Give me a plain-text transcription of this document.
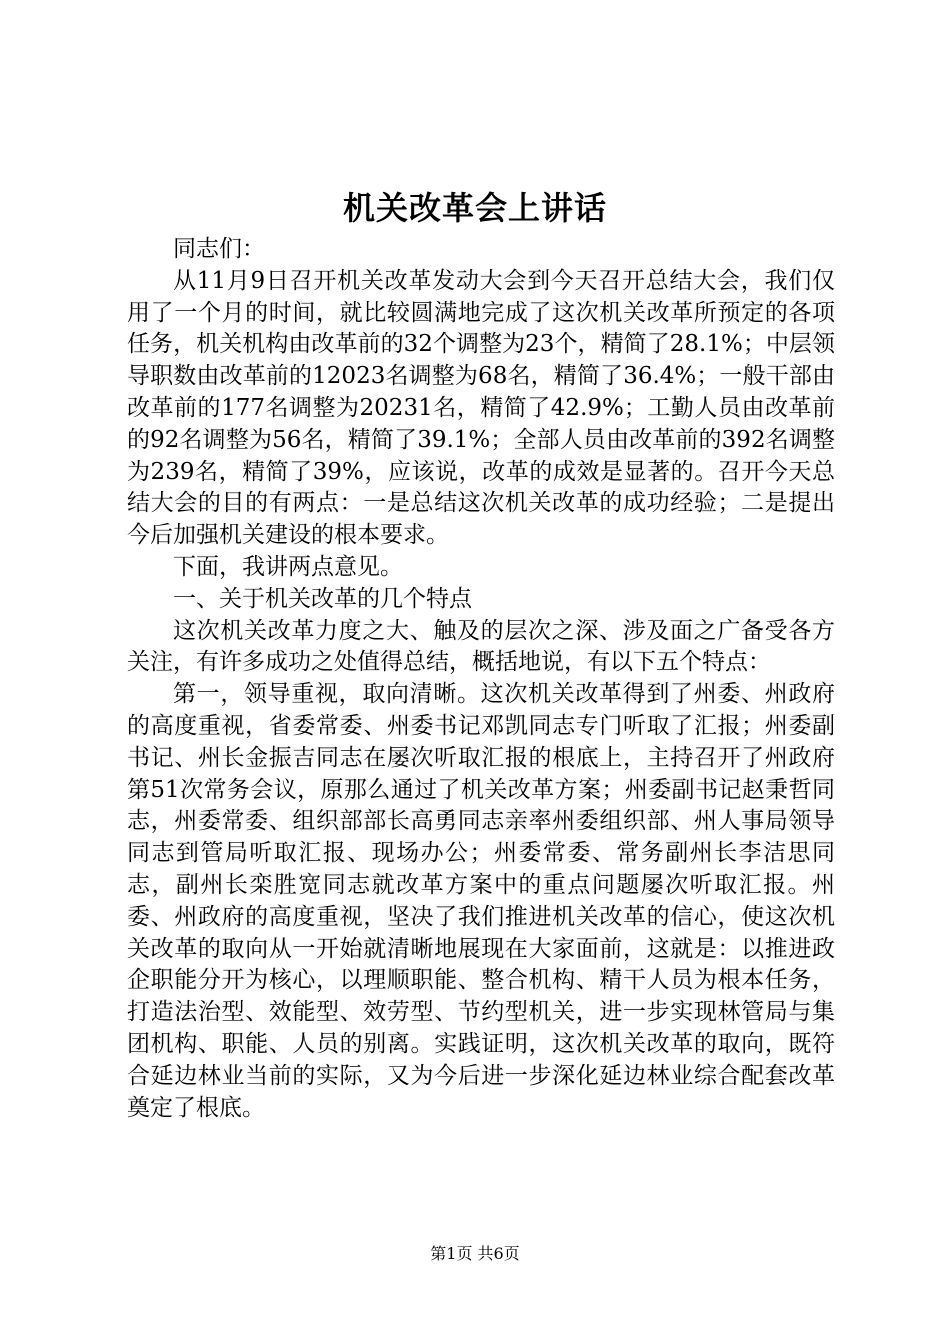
机关改革会上讲话

同志们：

从11月9日召开机关改革发动大会到今天召开总结大会，我们仅用了一个月的时间，就比较圆满地完成了这次机关改革所预定的各项任务，机关机构由改革前的32个调整为23个，精简了28.1%；中层领导职数由改革前的12023名调整为68名，精简了36.4%；一般干部由改革前的177名调整为20231名，精简了42.9%；工勤人员由改革前的92名调整为56名，精简了39.1%；全部人员由改革前的392名调整为239名，精简了39%，应该说，改革的成效是显著的。召开今天总结大会的目的有两点：一是总结这次机关改革的成功经验；二是提出今后加强机关建设的根本要求。

下面，我讲两点意见。

一、关于机关改革的几个特点

这次机关改革力度之大、触及的层次之深、涉及面之广备受各方关注，有许多成功之处值得总结，概括地说，有以下五个特点：

第一，领导重视，取向清晰。这次机关改革得到了州委、州政府的高度重视，省委常委、州委书记邓凯同志专门听取了汇报；州委副书记、州长金振吉同志在屡次听取汇报的根底上，主持召开了州政府第51次常务会议，原那么通过了机关改革方案；州委副书记赵秉哲同志，州委常委、组织部部长高勇同志亲率州委组织部、州人事局领导同志到管局听取汇报、现场办公；州委常委、常务副州长李洁思同志，副州长栾胜宽同志就改革方案中的重点问题屡次听取汇报。州委、州政府的高度重视，坚决了我们推进机关改革的信心，使这次机关改革的取向从一开始就清晰地展现在大家面前，这就是：以推进政企职能分开为核心，以理顺职能、整合机构、精干人员为根本任务，打造法治型、效能型、效劳型、节约型机关，进一步实现林管局与集团机构、职能、人员的别离。实践证明，这次机关改革的取向，既符合延边林业当前的实际，又为今后进一步深化延边林业综合配套改革奠定了根底。

第1页 共6页
